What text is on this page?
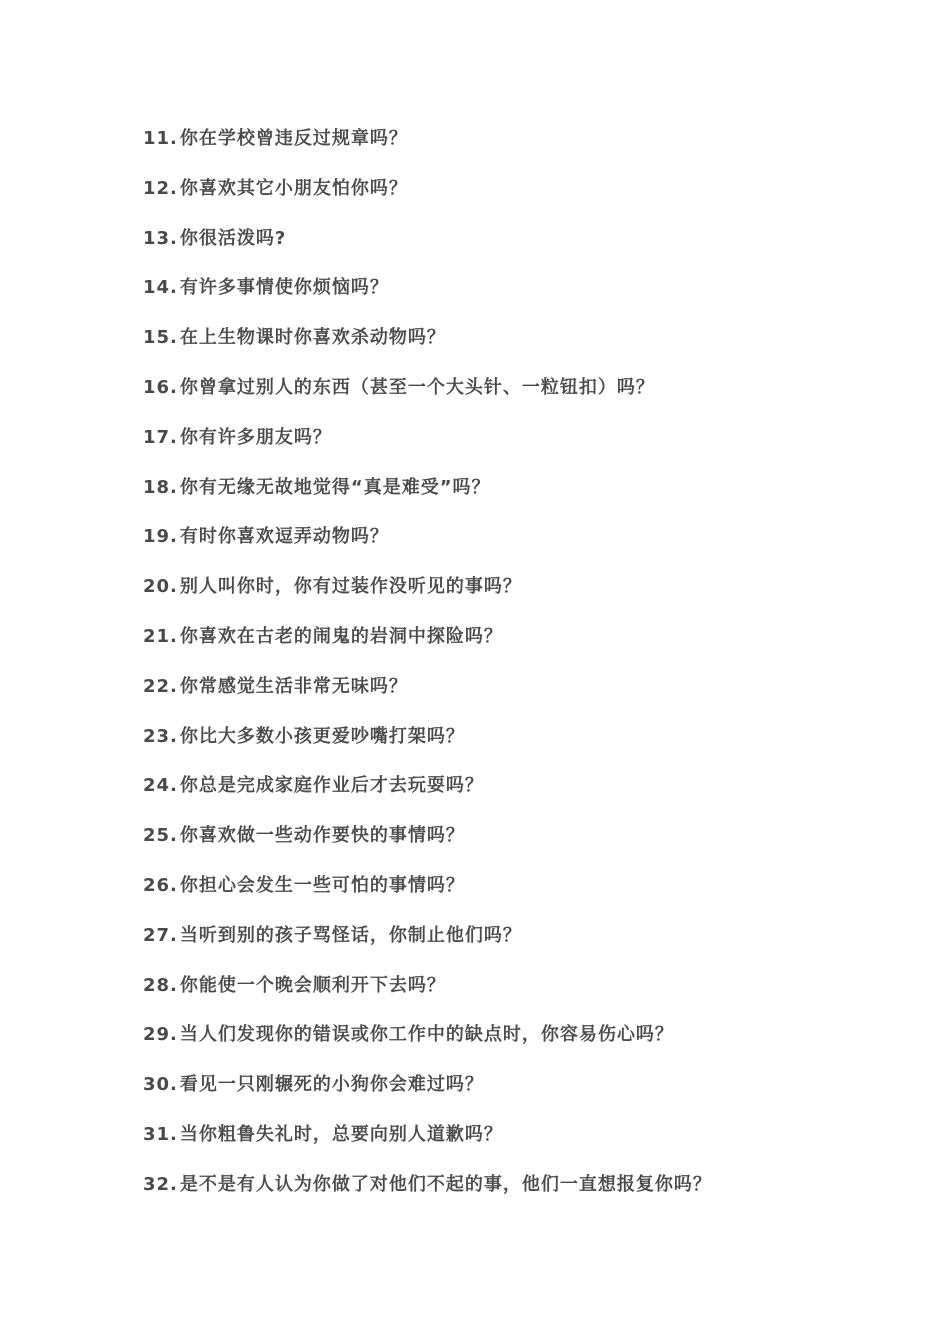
11. 你在学校曾违反过规章吗？
12. 你喜欢其它小朋友怕你吗？
13. 你很活泼吗?
14. 有许多事情使你烦恼吗？
15. 在上生物课时你喜欢杀动物吗？
16. 你曾拿过别人的东西（甚至一个大头针、一粒钮扣）吗？
17. 你有许多朋友吗？
18. 你有无缘无故地觉得“真是难受”吗？
19. 有时你喜欢逗弄动物吗？
20. 别人叫你时，你有过装作没听见的事吗？
21. 你喜欢在古老的闹鬼的岩洞中探险吗？
22. 你常感觉生活非常无味吗？
23. 你比大多数小孩更爱吵嘴打架吗？
24. 你总是完成家庭作业后才去玩耍吗？
25. 你喜欢做一些动作要快的事情吗？
26. 你担心会发生一些可怕的事情吗？
27. 当听到别的孩子骂怪话，你制止他们吗？
28. 你能使一个晚会顺利开下去吗？
29. 当人们发现你的错误或你工作中的缺点时，你容易伤心吗？
30. 看见一只刚辗死的小狗你会难过吗？
31. 当你粗鲁失礼时，总要向别人道歉吗？
32. 是不是有人认为你做了对他们不起的事，他们一直想报复你吗？
